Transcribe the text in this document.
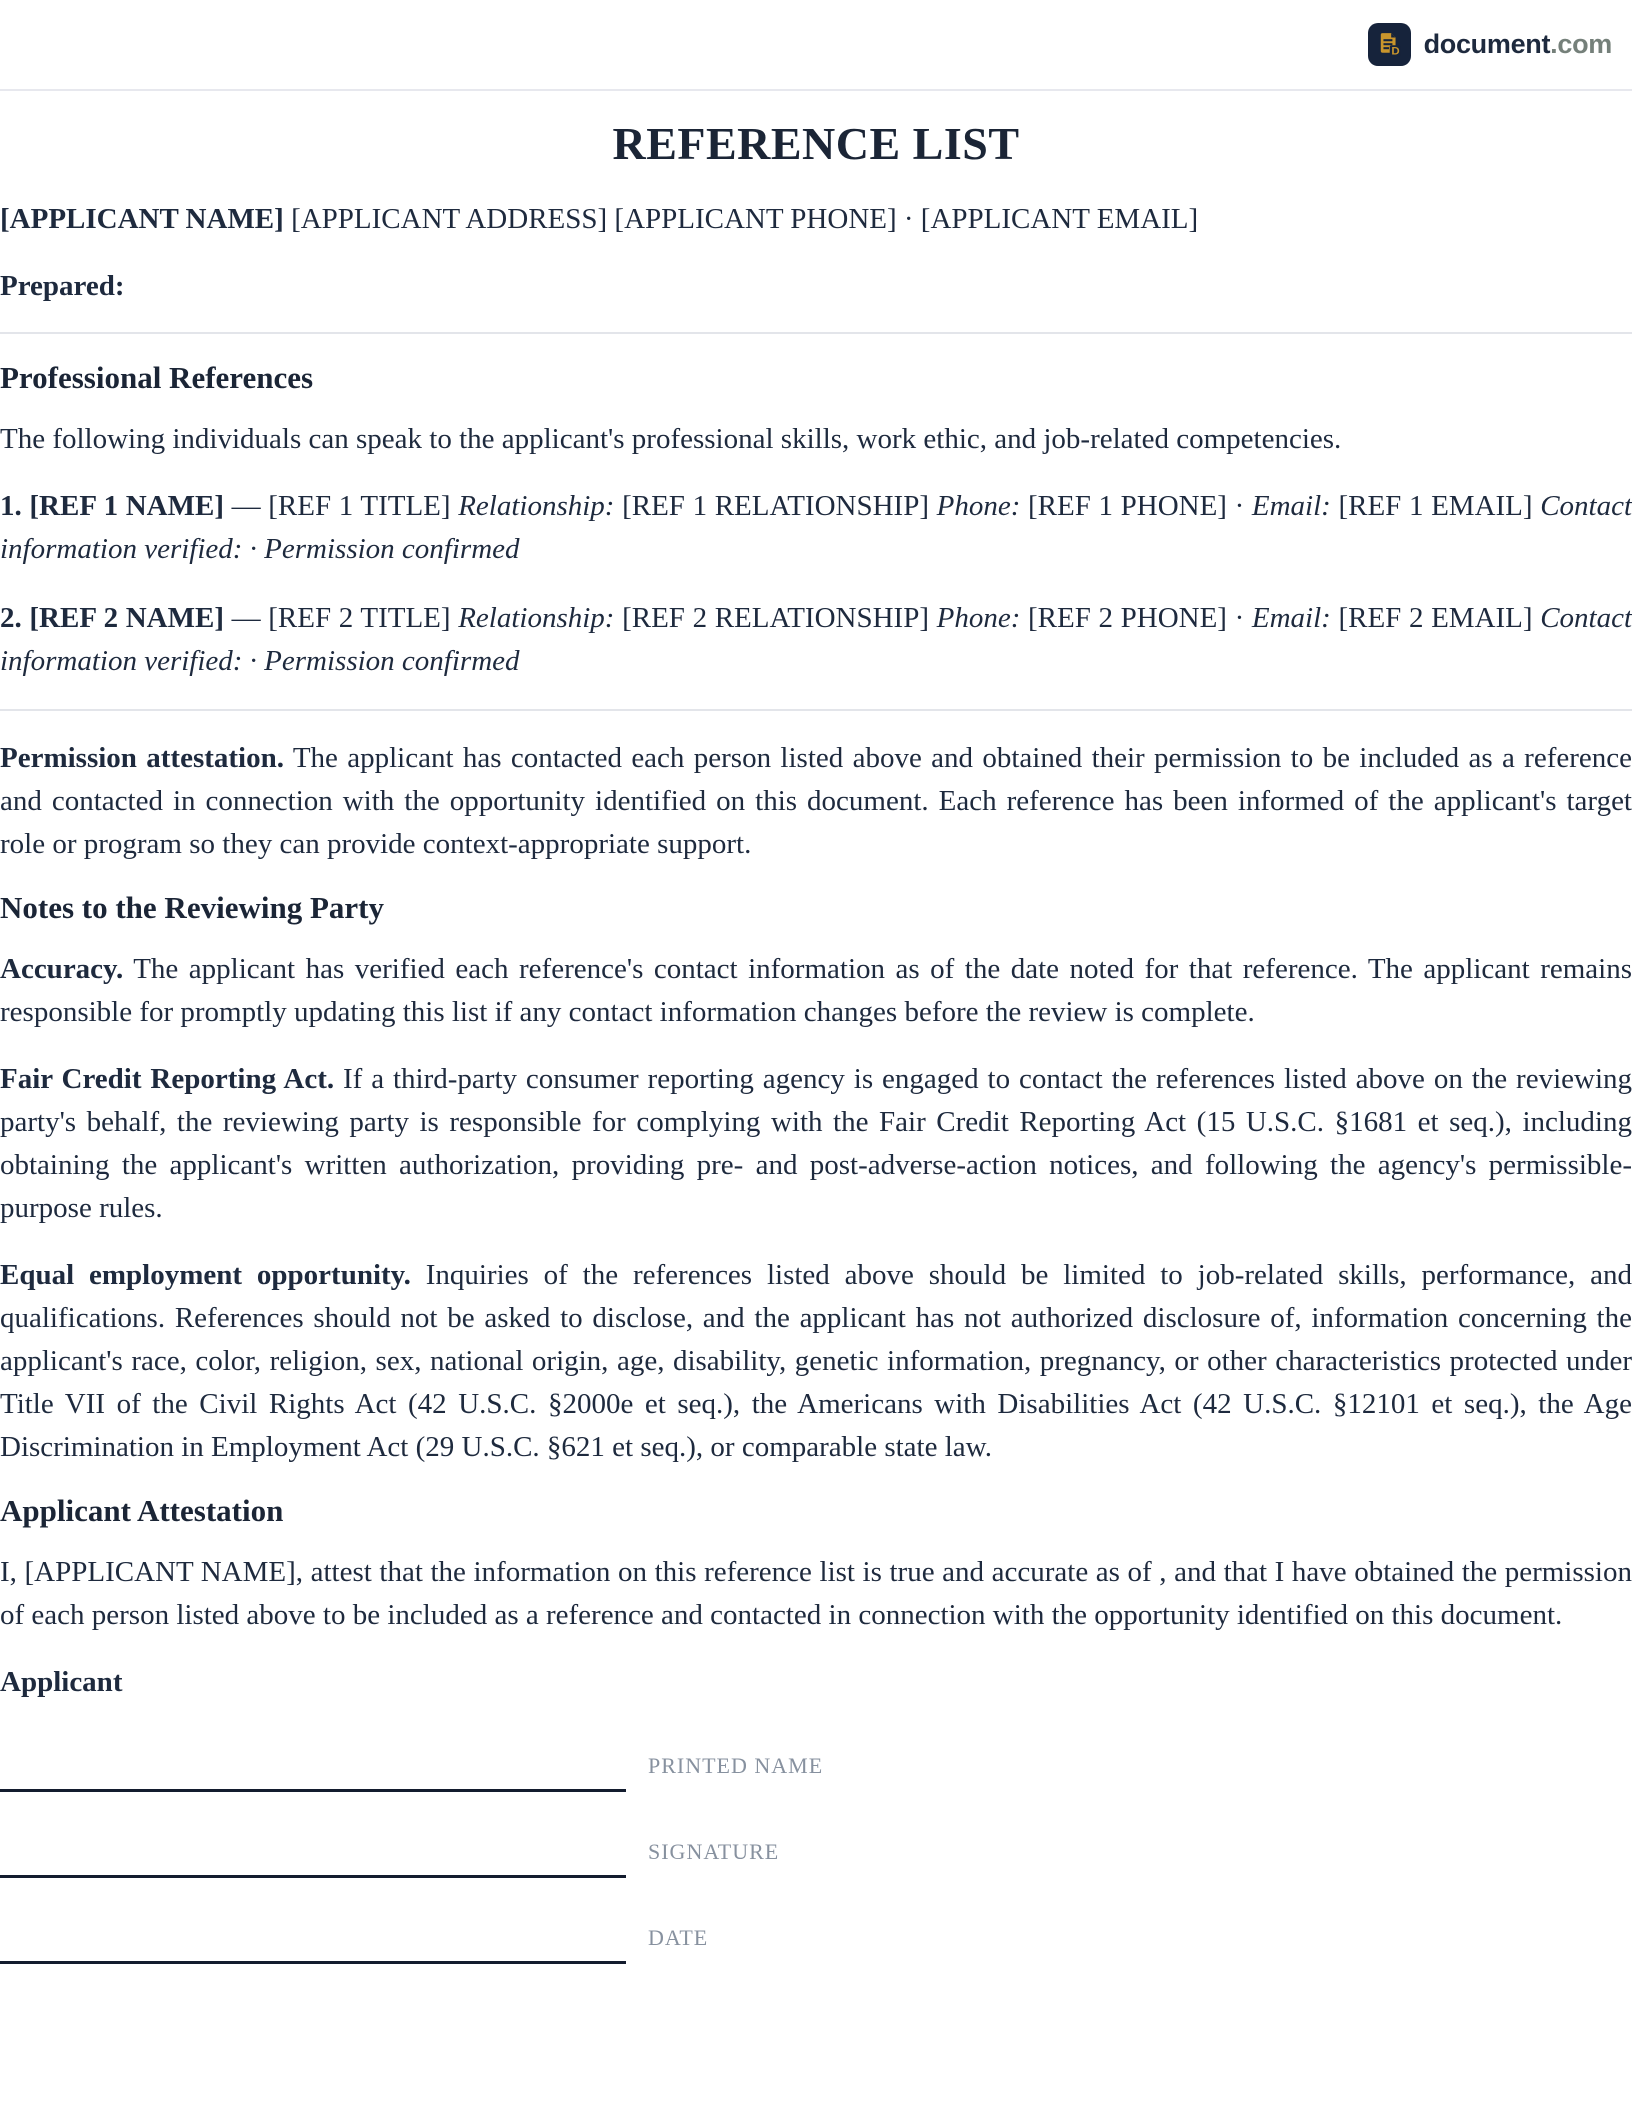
D document.com
REFERENCE LIST

[APPLICANT NAME] [APPLICANT ADDRESS] [APPLICANT PHONE] · [APPLICANT EMAIL]

Prepared:

Professional References

The following individuals can speak to the applicant's professional skills, work ethic, and job-related competencies.

1. [REF 1 NAME] — [REF 1 TITLE] Relationship: [REF 1 RELATIONSHIP] Phone: [REF 1 PHONE] · Email: [REF 1 EMAIL] Contact information verified: · Permission confirmed

2. [REF 2 NAME] — [REF 2 TITLE] Relationship: [REF 2 RELATIONSHIP] Phone: [REF 2 PHONE] · Email: [REF 2 EMAIL] Contact information verified: · Permission confirmed

Permission attestation. The applicant has contacted each person listed above and obtained their permission to be included as a reference and contacted in connection with the opportunity identified on this document. Each reference has been informed of the applicant's target role or program so they can provide context-appropriate support.

Notes to the Reviewing Party

Accuracy. The applicant has verified each reference's contact information as of the date noted for that reference. The applicant remains responsible for promptly updating this list if any contact information changes before the review is complete.

Fair Credit Reporting Act. If a third-party consumer reporting agency is engaged to contact the references listed above on the reviewing party's behalf, the reviewing party is responsible for complying with the Fair Credit Reporting Act (15 U.S.C. §1681 et seq.), including obtaining the applicant's written authorization, providing pre- and post-adverse-action notices, and following the agency's permissible-purpose rules.

Equal employment opportunity. Inquiries of the references listed above should be limited to job-related skills, performance, and qualifications. References should not be asked to disclose, and the applicant has not authorized disclosure of, information concerning the applicant's race, color, religion, sex, national origin, age, disability, genetic information, pregnancy, or other characteristics protected under Title VII of the Civil Rights Act (42 U.S.C. §2000e et seq.), the Americans with Disabilities Act (42 U.S.C. §12101 et seq.), the Age Discrimination in Employment Act (29 U.S.C. §621 et seq.), or comparable state law.

Applicant Attestation

I, [APPLICANT NAME], attest that the information on this reference list is true and accurate as of , and that I have obtained the permission of each person listed above to be included as a reference and contacted in connection with the opportunity identified on this document.

Applicant

PRINTED NAME
SIGNATURE
DATE
